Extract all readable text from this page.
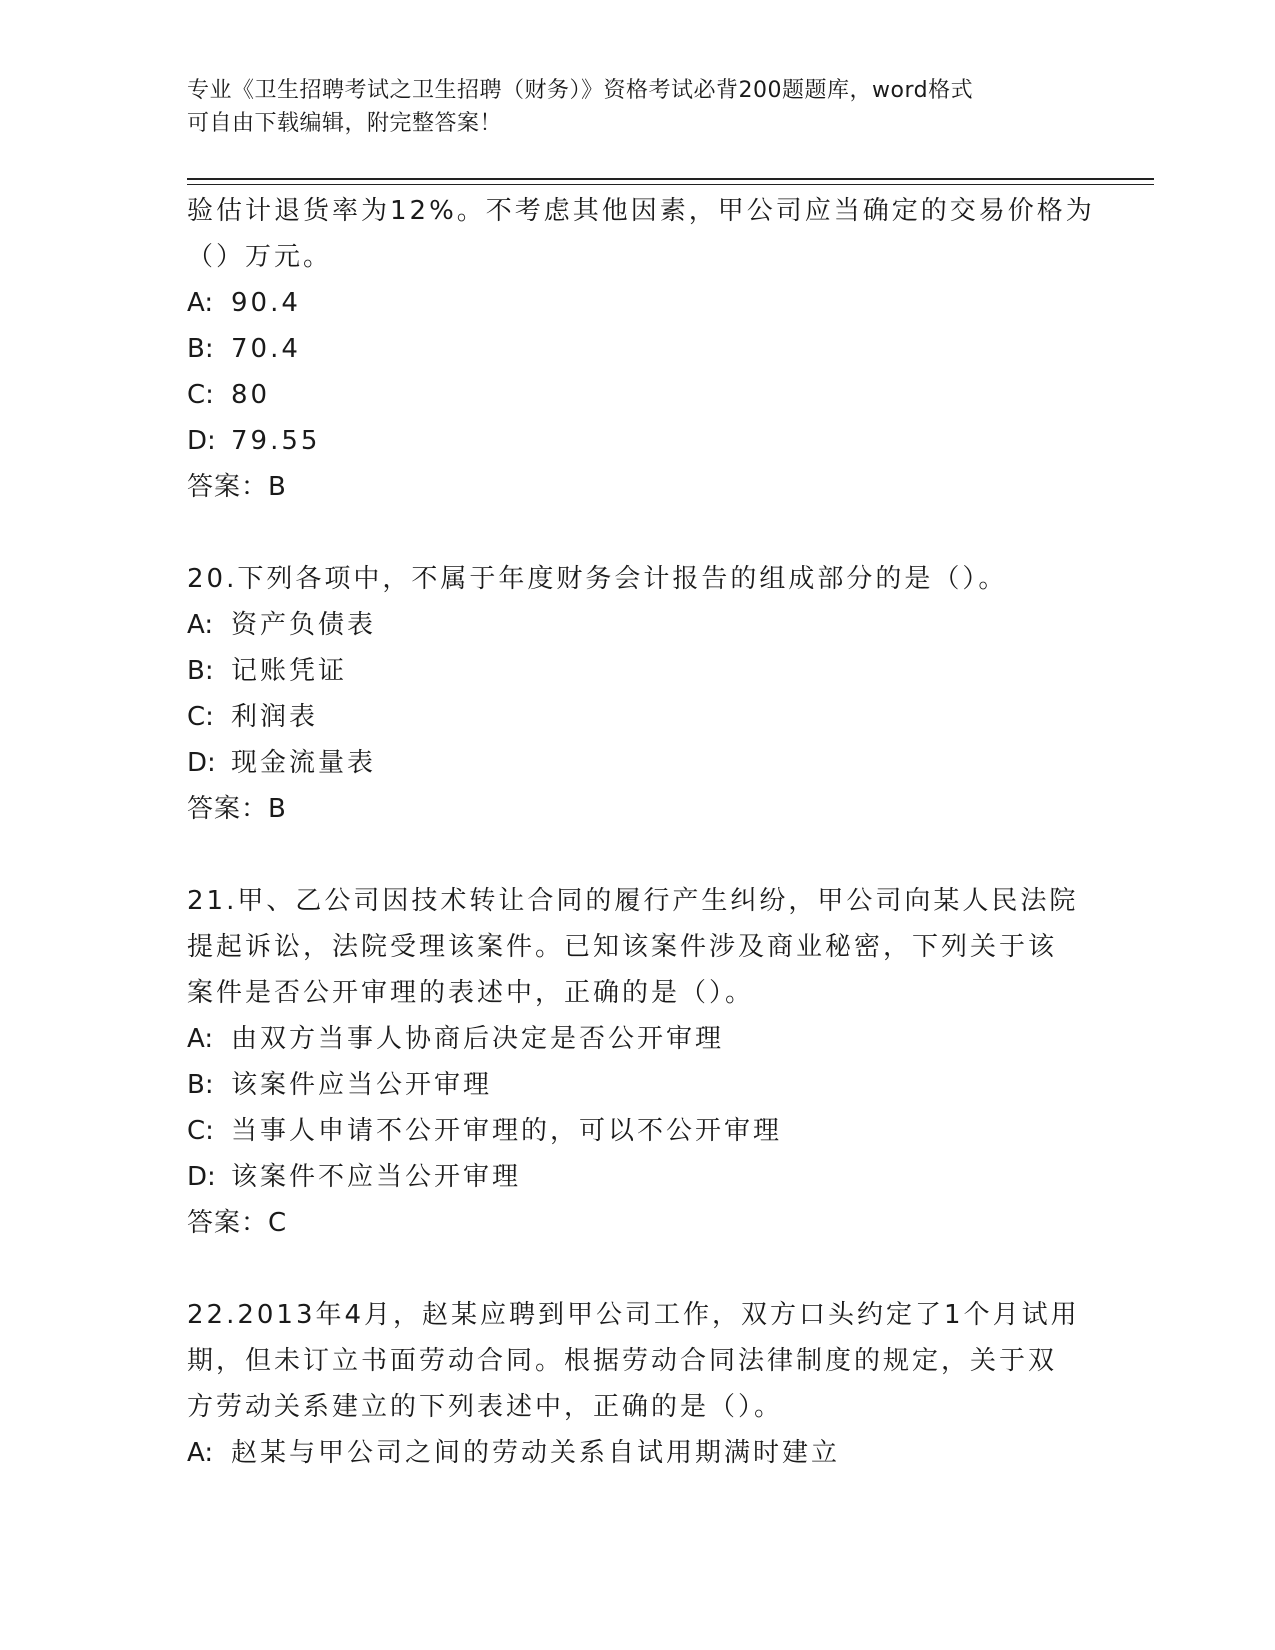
专业《卫生招聘考试之卫生招聘（财务）》资格考试必背200题题库，word格式
可自由下载编辑，附完整答案！
验估计退货率为12%。不考虑其他因素，甲公司应当确定的交易价格为
（）万元。
A: 90.4
B: 70.4
C: 80
D: 79.55
答案：B
20.下列各项中，不属于年度财务会计报告的组成部分的是（）。
A: 资产负债表
B: 记账凭证
C: 利润表
D: 现金流量表
答案：B
21.甲、乙公司因技术转让合同的履行产生纠纷，甲公司向某人民法院
提起诉讼，法院受理该案件。已知该案件涉及商业秘密，下列关于该
案件是否公开审理的表述中，正确的是（）。
A: 由双方当事人协商后决定是否公开审理
B: 该案件应当公开审理
C: 当事人申请不公开审理的，可以不公开审理
D: 该案件不应当公开审理
答案：C
22.2013年4月，赵某应聘到甲公司工作，双方口头约定了1个月试用
期，但未订立书面劳动合同。根据劳动合同法律制度的规定，关于双
方劳动关系建立的下列表述中，正确的是（）。
A: 赵某与甲公司之间的劳动关系自试用期满时建立
